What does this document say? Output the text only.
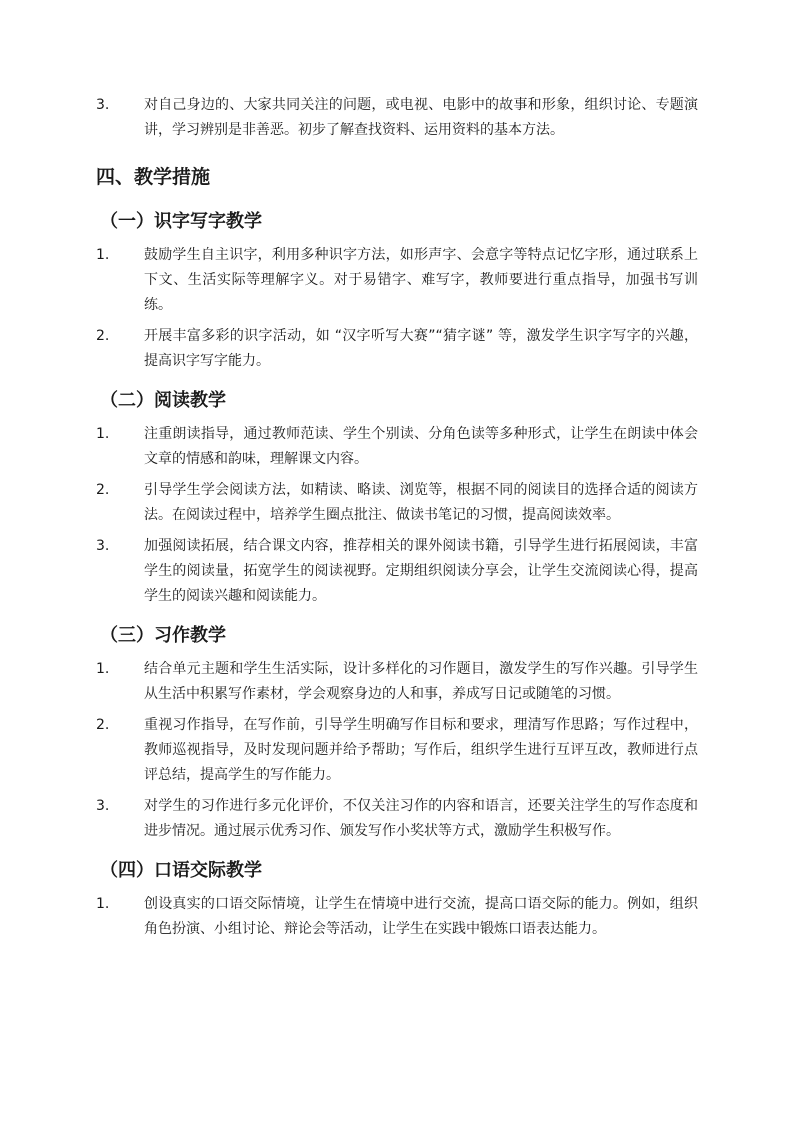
3.	对自己身边的、大家共同关注的问题，或电视、电影中的故事和形象，组织讨论、专题演讲，学习辨别是非善恶。初步了解查找资料、运用资料的基本方法。
四、教学措施
（一）识字写字教学
1.	鼓励学生自主识字，利用多种识字方法，如形声字、会意字等特点记忆字形，通过联系上下文、生活实际等理解字义。对于易错字、难写字，教师要进行重点指导，加强书写训练。
2.	开展丰富多彩的识字活动，如 “汉字听写大赛”“猜字谜” 等，激发学生识字写字的兴趣，提高识字写字能力。
（二）阅读教学
1.	注重朗读指导，通过教师范读、学生个别读、分角色读等多种形式，让学生在朗读中体会文章的情感和韵味，理解课文内容。
2.	引导学生学会阅读方法，如精读、略读、浏览等，根据不同的阅读目的选择合适的阅读方法。在阅读过程中，培养学生圈点批注、做读书笔记的习惯，提高阅读效率。
3.	加强阅读拓展，结合课文内容，推荐相关的课外阅读书籍，引导学生进行拓展阅读，丰富学生的阅读量，拓宽学生的阅读视野。定期组织阅读分享会，让学生交流阅读心得，提高学生的阅读兴趣和阅读能力。
（三）习作教学
1.	结合单元主题和学生生活实际，设计多样化的习作题目，激发学生的写作兴趣。引导学生从生活中积累写作素材，学会观察身边的人和事，养成写日记或随笔的习惯。
2.	重视习作指导，在写作前，引导学生明确写作目标和要求，理清写作思路；写作过程中，教师巡视指导，及时发现问题并给予帮助；写作后，组织学生进行互评互改，教师进行点评总结，提高学生的写作能力。
3.	对学生的习作进行多元化评价，不仅关注习作的内容和语言，还要关注学生的写作态度和进步情况。通过展示优秀习作、颁发写作小奖状等方式，激励学生积极写作。
（四）口语交际教学
1.	创设真实的口语交际情境，让学生在情境中进行交流，提高口语交际的能力。例如，组织角色扮演、小组讨论、辩论会等活动，让学生在实践中锻炼口语表达能力。
